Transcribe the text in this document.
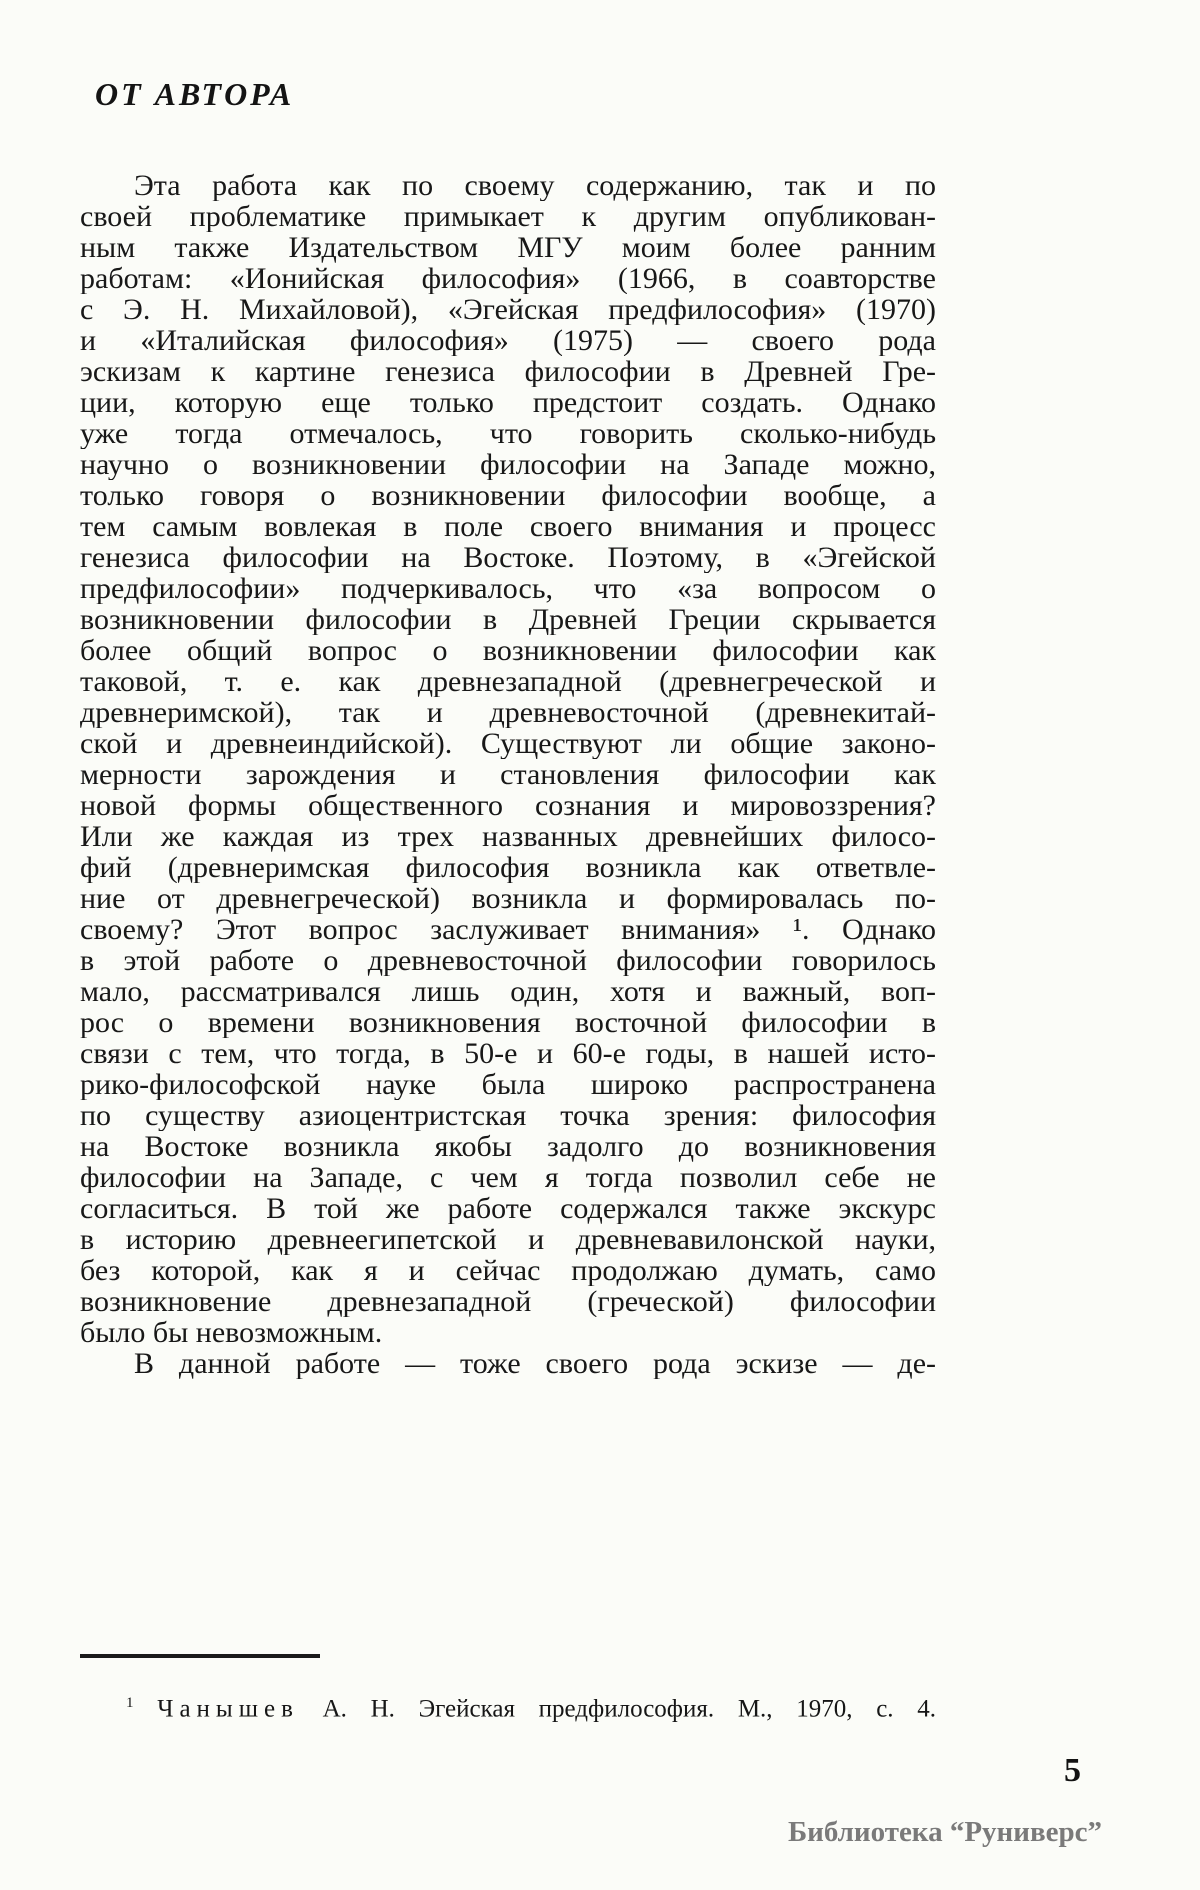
ОТ АВТОРА
Эта работа как по своему содержанию, так и по
своей проблематике примыкает к другим опубликован-
ным также Издательством МГУ моим более ранним
работам: «Ионийская философия» (1966, в соавторстве
с Э. Н. Михайловой), «Эгейская предфилософия» (1970)
и «Италийская философия» (1975) — своего рода
эскизам к картине генезиса философии в Древней Гре-
ции, которую еще только предстоит создать. Однако
уже тогда отмечалось, что говорить сколько-нибудь
научно о возникновении философии на Западе можно,
только говоря о возникновении философии вообще, а
тем самым вовлекая в поле своего внимания и процесс
генезиса философии на Востоке. Поэтому, в «Эгейской
предфилософии» подчеркивалось, что «за вопросом о
возникновении философии в Древней Греции скрывается
более общий вопрос о возникновении философии как
таковой, т. е. как древнезападной (древнегреческой и
древнеримской), так и древневосточной (древнекитай-
ской и древнеиндийской). Существуют ли общие законо-
мерности зарождения и становления философии как
новой формы общественного сознания и мировоззрения?
Или же каждая из трех названных древнейших филосо-
фий (древнеримская философия возникла как ответвле-
ние от древнегреческой) возникла и формировалась по-
своему? Этот вопрос заслуживает внимания» ¹. Однако
в этой работе о древневосточной философии говорилось
мало, рассматривался лишь один, хотя и важный, воп-
рос о времени возникновения восточной философии в
связи с тем, что тогда, в 50-е и 60-е годы, в нашей исто-
рико-философской науке была широко распространена
по существу азиоцентристская точка зрения: философия
на Востоке возникла якобы задолго до возникновения
философии на Западе, с чем я тогда позволил себе не
согласиться. В той же работе содержался также экскурс
в историю древнеегипетской и древневавилонской науки,
без которой, как я и сейчас продолжаю думать, само
возникновение древнезападной (греческой) философии
было бы невозможным.
В данной работе — тоже своего рода эскизе — де-
$^1$ Чанышев А. Н. Эгейская предфилософия. М., 1970, с. 4.
5
Библиотека “Руниверс”
